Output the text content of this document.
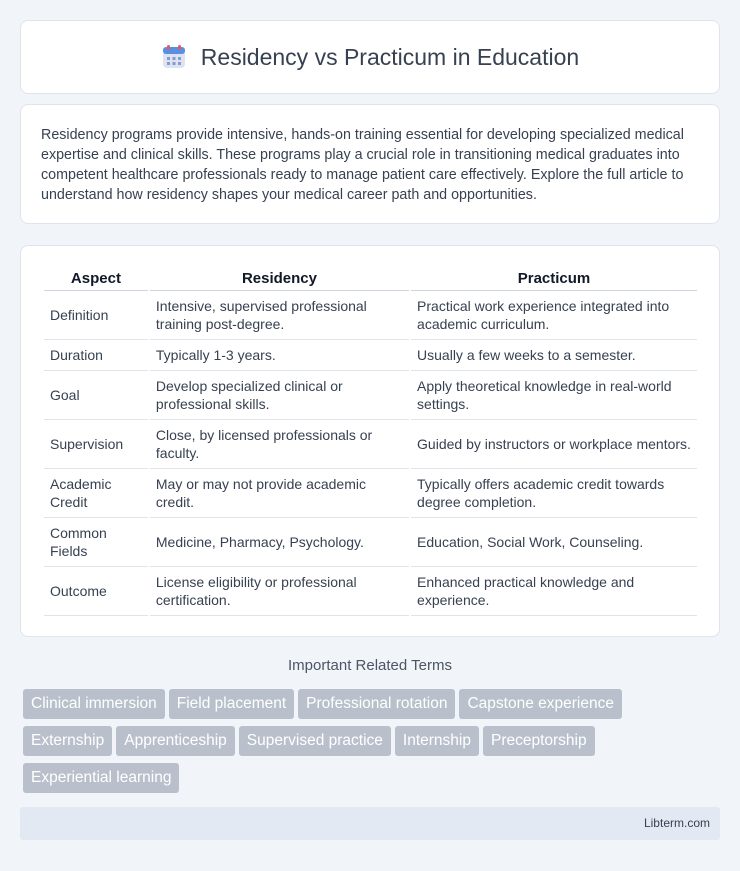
Residency vs Practicum in Education

Residency programs provide intensive, hands-on training essential for developing specialized medical expertise and clinical skills. These programs play a crucial role in transitioning medical graduates into competent healthcare professionals ready to manage patient care effectively. Explore the full article to understand how residency shapes your medical career path and opportunities.

Aspect	Residency	Practicum
Definition	Intensive, supervised professional training post-degree.	Practical work experience integrated into academic curriculum.
Duration	Typically 1-3 years.	Usually a few weeks to a semester.
Goal	Develop specialized clinical or professional skills.	Apply theoretical knowledge in real-world settings.
Supervision	Close, by licensed professionals or faculty.	Guided by instructors or workplace mentors.
Academic Credit	May or may not provide academic credit.	Typically offers academic credit towards degree completion.
Common Fields	Medicine, Pharmacy, Psychology.	Education, Social Work, Counseling.
Outcome	License eligibility or professional certification.	Enhanced practical knowledge and experience.
Important Related Terms
Clinical immersion Field placement Professional rotation Capstone experienceExternship Apprenticeship Supervised practice Internship PreceptorshipExperiential learning
Libterm.com
